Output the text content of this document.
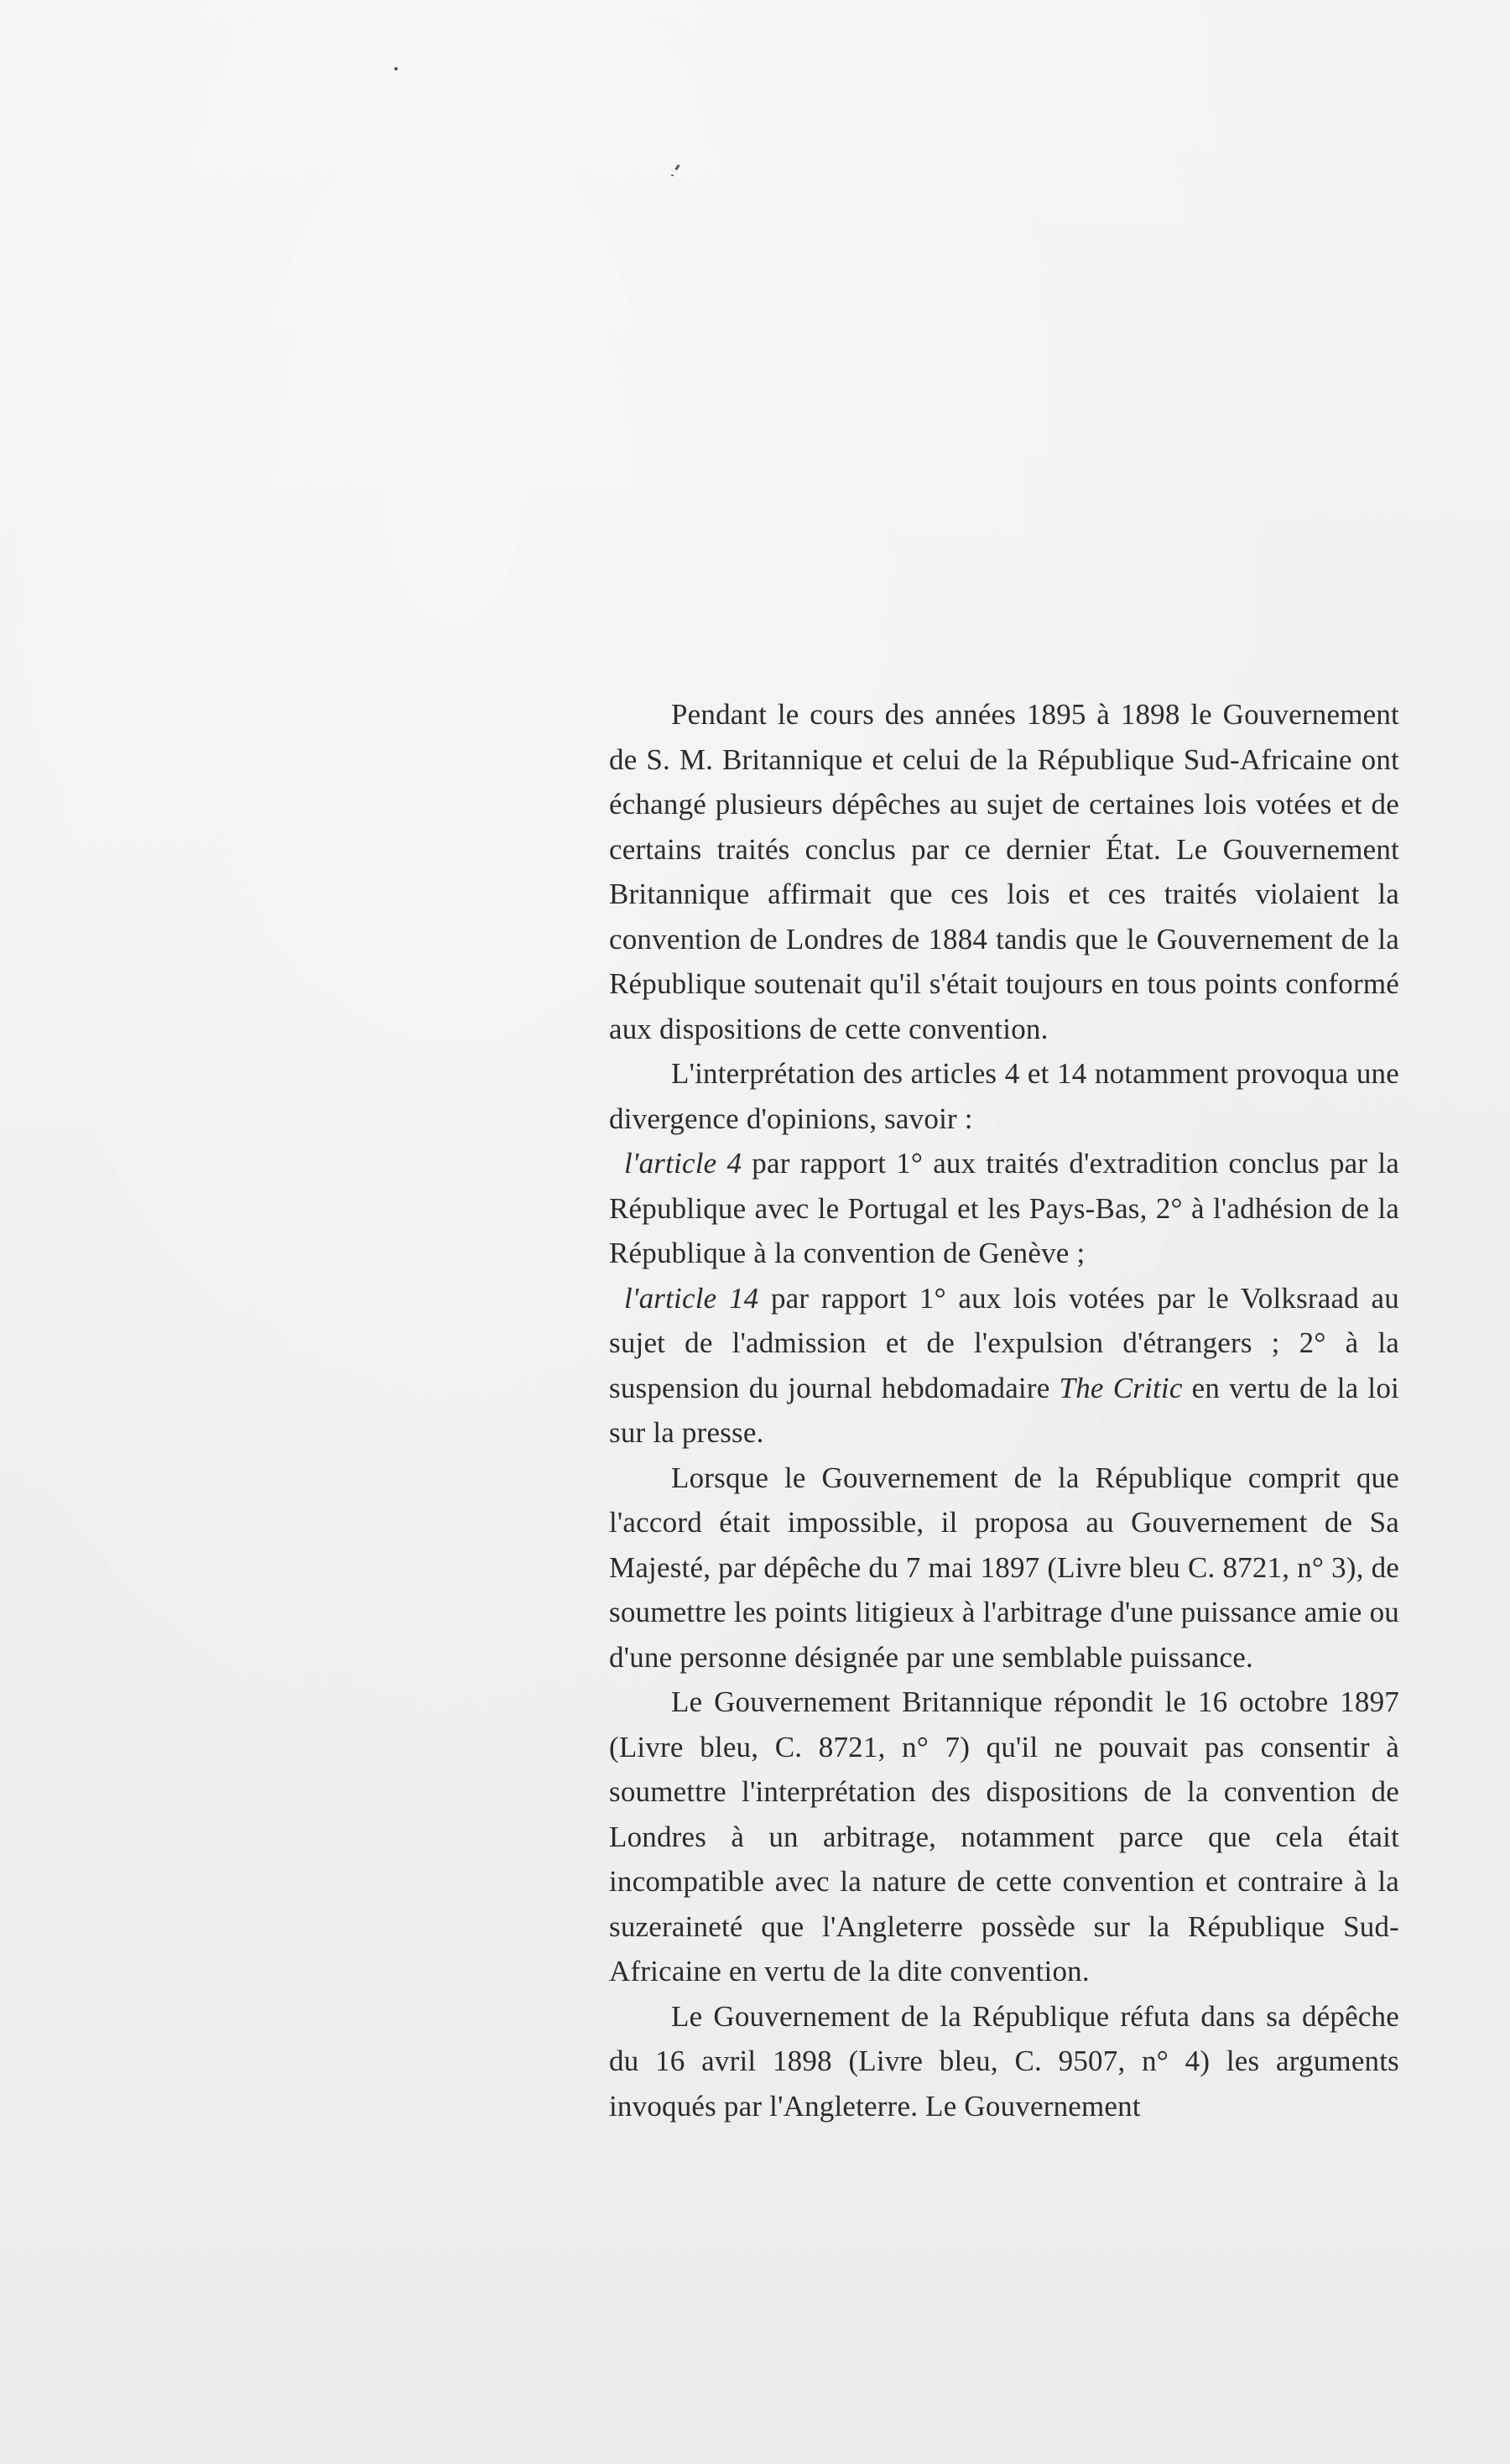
Pendant le cours des années 1895 à 1898 le Gouvernement de S. M. Britannique et celui de la République Sud-Africaine ont échangé plusieurs dépêches au sujet de certaines lois votées et de certains traités conclus par ce dernier État. Le Gouvernement Britannique affirmait que ces lois et ces traités violaient la convention de Londres de 1884 tandis que le Gouvernement de la République soutenait qu'il s'était toujours en tous points conformé aux dispositions de cette convention.

L'interprétation des articles 4 et 14 notamment provoqua une divergence d'opinions, savoir :

l'article 4 par rapport 1° aux traités d'extradition conclus par la République avec le Portugal et les Pays-Bas, 2° à l'adhésion de la République à la convention de Genève ;

l'article 14 par rapport 1° aux lois votées par le Volksraad au sujet de l'admission et de l'expulsion d'étrangers ; 2° à la suspension du journal hebdomadaire The Critic en vertu de la loi sur la presse.

Lorsque le Gouvernement de la République comprit que l'accord était impossible, il proposa au Gouvernement de Sa Majesté, par dépêche du 7 mai 1897 (Livre bleu C. 8721, n° 3), de soumettre les points litigieux à l'arbitrage d'une puissance amie ou d'une personne désignée par une semblable puissance.

Le Gouvernement Britannique répondit le 16 octobre 1897 (Livre bleu, C. 8721, n° 7) qu'il ne pouvait pas consentir à soumettre l'interprétation des dispositions de la convention de Londres à un arbitrage, notamment parce que cela était incompatible avec la nature de cette convention et contraire à la suzeraineté que l'Angleterre possède sur la République Sud-Africaine en vertu de la dite convention.

Le Gouvernement de la République réfuta dans sa dépêche du 16 avril 1898 (Livre bleu, C. 9507, n° 4) les arguments invoqués par l'Angleterre. Le Gouvernement
